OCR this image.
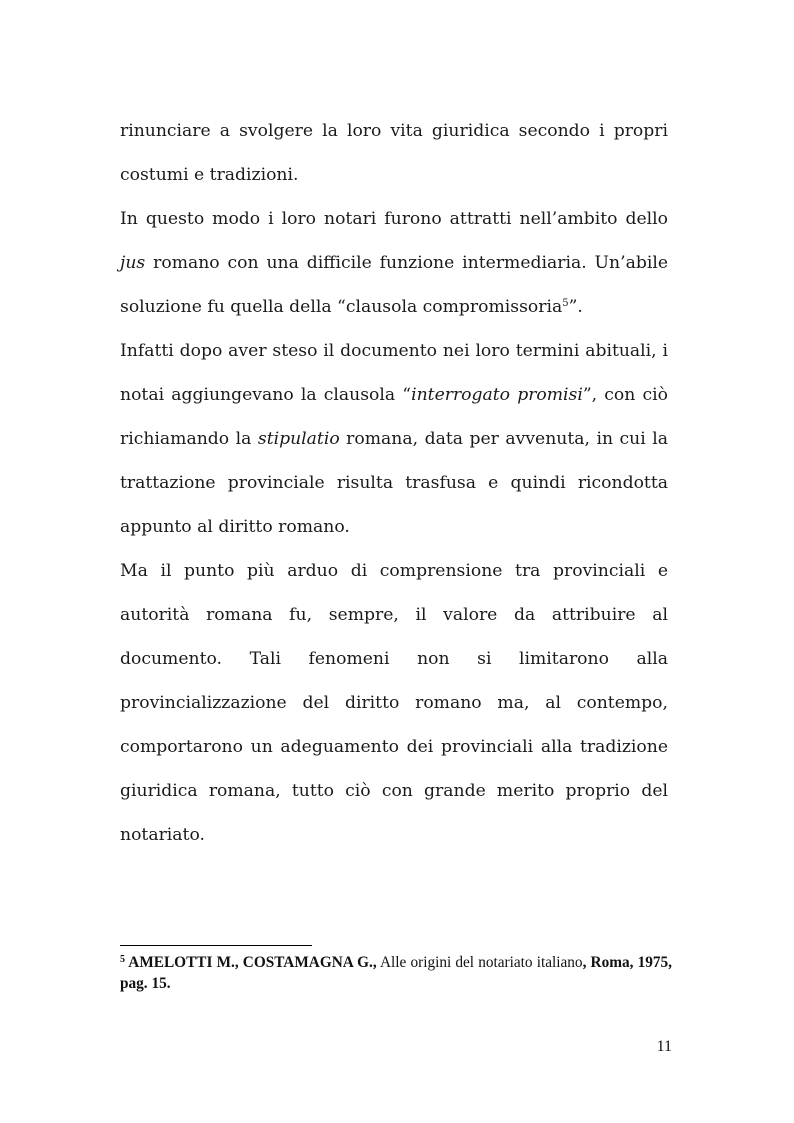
rinunciare a svolgere la loro vita giuridica secondo i propri costumi e tradizioni.

In questo modo i loro notari furono attratti nell’ambito dello jus romano con una difficile funzione intermediaria. Un’abile soluzione fu quella della “clausola compromissoria$^5$”.

Infatti dopo aver steso il documento nei loro termini abituali, i notai aggiungevano la clausola “interrogato promisi”, con ciò richiamando la stipulatio romana, data per avvenuta, in cui la trattazione provinciale risulta trasfusa e quindi ricondotta appunto al diritto romano.

Ma il punto più arduo di comprensione tra provinciali e autorità romana fu, sempre, il valore da attribuire al documento. Tali fenomeni non si limitarono alla provincializzazione del diritto romano ma, al contempo, comportarono un adeguamento dei provinciali alla tradizione giuridica romana, tutto ciò con grande merito proprio del notariato.

$^5$ AMELOTTI M., COSTAMAGNA G., Alle origini del notariato italiano, Roma, 1975, pag. 15.
11
